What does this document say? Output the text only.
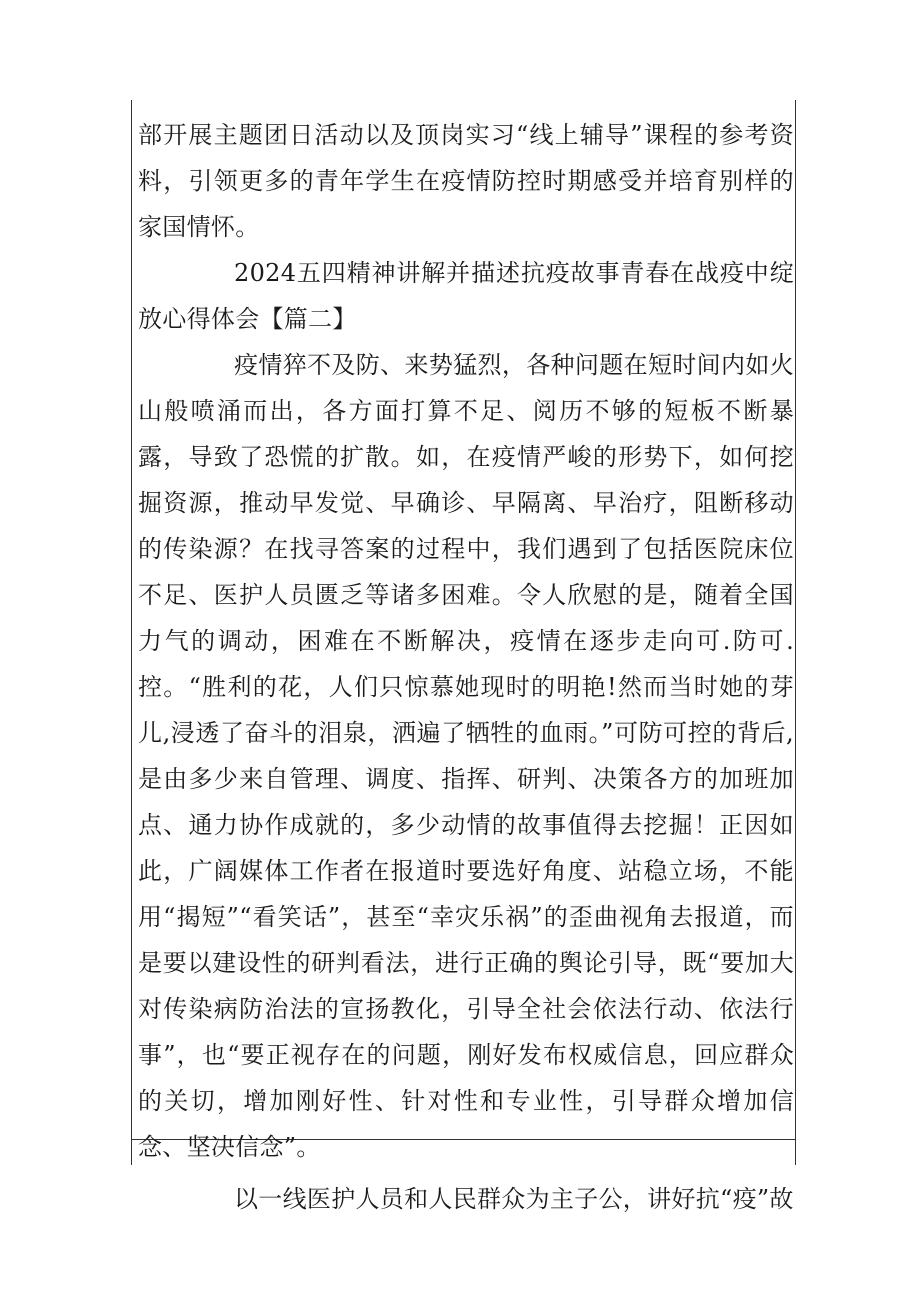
部开展主题团日活动以及顶岗实习“线上辅导”课程的参考资料，引领更多的青年学生在疫情防控时期感受并培育别样的家国情怀。

2024五四精神讲解并描述抗疫故事青春在战疫中绽放心得体会【篇二】

疫情猝不及防、来势猛烈，各种问题在短时间内如火山般喷涌而出，各方面打算不足、阅历不够的短板不断暴露，导致了恐慌的扩散。如，在疫情严峻的形势下，如何挖掘资源，推动早发觉、早确诊、早隔离、早治疗，阻断移动的传染源？在找寻答案的过程中，我们遇到了包括医院床位不足、医护人员匮乏等诸多困难。令人欣慰的是，随着全国力气的调动，困难在不断解决，疫情在逐步走向可.防可.控。“胜利的花，人们只惊慕她现时的明艳!然而当时她的芽儿,浸透了奋斗的泪泉，洒遍了牺牲的血雨。”可防可控的背后,是由多少来自管理、调度、指挥、研判、决策各方的加班加点、通力协作成就的，多少动情的故事值得去挖掘！正因如此，广阔媒体工作者在报道时要选好角度、站稳立场，不能用“揭短”“看笑话”，甚至“幸灾乐祸”的歪曲视角去报道，而是要以建设性的研判看法，进行正确的舆论引导，既“要加大对传染病防治法的宣扬教化，引导全社会依法行动、依法行事”，也“要正视存在的问题，刚好发布权威信息，回应群众的关切，增加刚好性、针对性和专业性，引导群众增加信念、坚决信念”。

以一线医护人员和人民群众为主子公，讲好抗“疫”故
